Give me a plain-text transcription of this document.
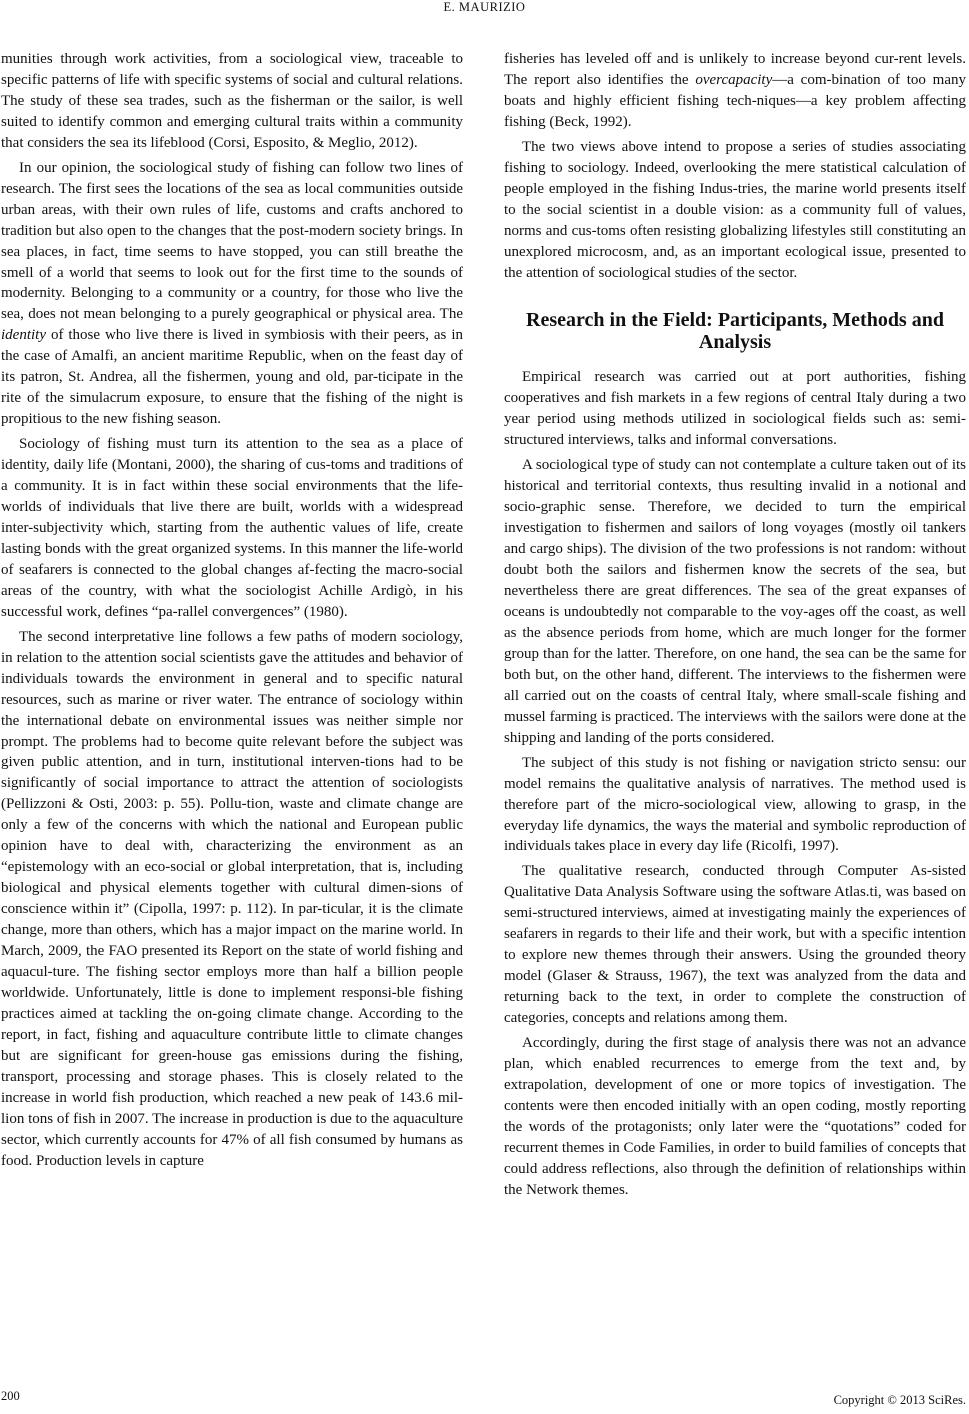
E. MAURIZIO

munities through work activities, from a sociological view, traceable to specific patterns of life with specific systems of social and cultural relations. The study of these sea trades, such as the fisherman or the sailor, is well suited to identify common and emerging cultural traits within a community that considers the sea its lifeblood (Corsi, Esposito, & Meglio, 2012).

In our opinion, the sociological study of fishing can follow two lines of research. The first sees the locations of the sea as local communities outside urban areas, with their own rules of life, customs and crafts anchored to tradition but also open to the changes that the post-modern society brings. In sea places, in fact, time seems to have stopped, you can still breathe the smell of a world that seems to look out for the first time to the sounds of modernity. Belonging to a community or a country, for those who live the sea, does not mean belonging to a purely geographical or physical area. The identity of those who live there is lived in symbiosis with their peers, as in the case of Amalfi, an ancient maritime Republic, when on the feast day of its patron, St. Andrea, all the fishermen, young and old, par-ticipate in the rite of the simulacrum exposure, to ensure that the fishing of the night is propitious to the new fishing season.

Sociology of fishing must turn its attention to the sea as a place of identity, daily life (Montani, 2000), the sharing of cus-toms and traditions of a community. It is in fact within these social environments that the life-worlds of individuals that live there are built, worlds with a widespread inter-subjectivity which, starting from the authentic values of life, create lasting bonds with the great organized systems. In this manner the life-world of seafarers is connected to the global changes af-fecting the macro-social areas of the country, with what the sociologist Achille Ardigò, in his successful work, defines “pa-rallel convergences” (1980).

The second interpretative line follows a few paths of modern sociology, in relation to the attention social scientists gave the attitudes and behavior of individuals towards the environment in general and to specific natural resources, such as marine or river water. The entrance of sociology within the international debate on environmental issues was neither simple nor prompt. The problems had to become quite relevant before the subject was given public attention, and in turn, institutional interven-tions had to be significantly of social importance to attract the attention of sociologists (Pellizzoni & Osti, 2003: p. 55). Pollu-tion, waste and climate change are only a few of the concerns with which the national and European public opinion have to deal with, characterizing the environment as an “epistemology with an eco-social or global interpretation, that is, including biological and physical elements together with cultural dimen-sions of conscience within it” (Cipolla, 1997: p. 112). In par-ticular, it is the climate change, more than others, which has a major impact on the marine world. In March, 2009, the FAO presented its Report on the state of world fishing and aquacul-ture. The fishing sector employs more than half a billion people worldwide. Unfortunately, little is done to implement responsi-ble fishing practices aimed at tackling the on-going climate change. According to the report, in fact, fishing and aquaculture contribute little to climate changes but are significant for green-house gas emissions during the fishing, transport, processing and storage phases. This is closely related to the increase in world fish production, which reached a new peak of 143.6 mil-lion tons of fish in 2007. The increase in production is due to the aquaculture sector, which currently accounts for 47% of all fish consumed by humans as food. Production levels in capture

fisheries has leveled off and is unlikely to increase beyond cur-rent levels. The report also identifies the overcapacity—a com-bination of too many boats and highly efficient fishing tech-niques—a key problem affecting fishing (Beck, 1992).

The two views above intend to propose a series of studies associating fishing to sociology. Indeed, overlooking the mere statistical calculation of people employed in the fishing Indus-tries, the marine world presents itself to the social scientist in a double vision: as a community full of values, norms and cus-toms often resisting globalizing lifestyles still constituting an unexplored microcosm, and, as an important ecological issue, presented to the attention of sociological studies of the sector.

Research in the Field: Participants, Methods and Analysis

Empirical research was carried out at port authorities, fishing cooperatives and fish markets in a few regions of central Italy during a two year period using methods utilized in sociological fields such as: semi-structured interviews, talks and informal conversations.

A sociological type of study can not contemplate a culture taken out of its historical and territorial contexts, thus resulting invalid in a notional and socio-graphic sense. Therefore, we decided to turn the empirical investigation to fishermen and sailors of long voyages (mostly oil tankers and cargo ships). The division of the two professions is not random: without doubt both the sailors and fishermen know the secrets of the sea, but nevertheless there are great differences. The sea of the great expanses of oceans is undoubtedly not comparable to the voy-ages off the coast, as well as the absence periods from home, which are much longer for the former group than for the latter. Therefore, on one hand, the sea can be the same for both but, on the other hand, different. The interviews to the fishermen were all carried out on the coasts of central Italy, where small-scale fishing and mussel farming is practiced. The interviews with the sailors were done at the shipping and landing of the ports considered.

The subject of this study is not fishing or navigation stricto sensu: our model remains the qualitative analysis of narratives. The method used is therefore part of the micro-sociological view, allowing to grasp, in the everyday life dynamics, the ways the material and symbolic reproduction of individuals takes place in every day life (Ricolfi, 1997).

The qualitative research, conducted through Computer As-sisted Qualitative Data Analysis Software using the software Atlas.ti, was based on semi-structured interviews, aimed at investigating mainly the experiences of seafarers in regards to their life and their work, but with a specific intention to explore new themes through their answers. Using the grounded theory model (Glaser & Strauss, 1967), the text was analyzed from the data and returning back to the text, in order to complete the construction of categories, concepts and relations among them.

Accordingly, during the first stage of analysis there was not an advance plan, which enabled recurrences to emerge from the text and, by extrapolation, development of one or more topics of investigation. The contents were then encoded initially with an open coding, mostly reporting the words of the protagonists; only later were the “quotations” coded for recurrent themes in Code Families, in order to build families of concepts that could address reflections, also through the definition of relationships within the Network themes.

200	Copyright © 2013 SciRes.
